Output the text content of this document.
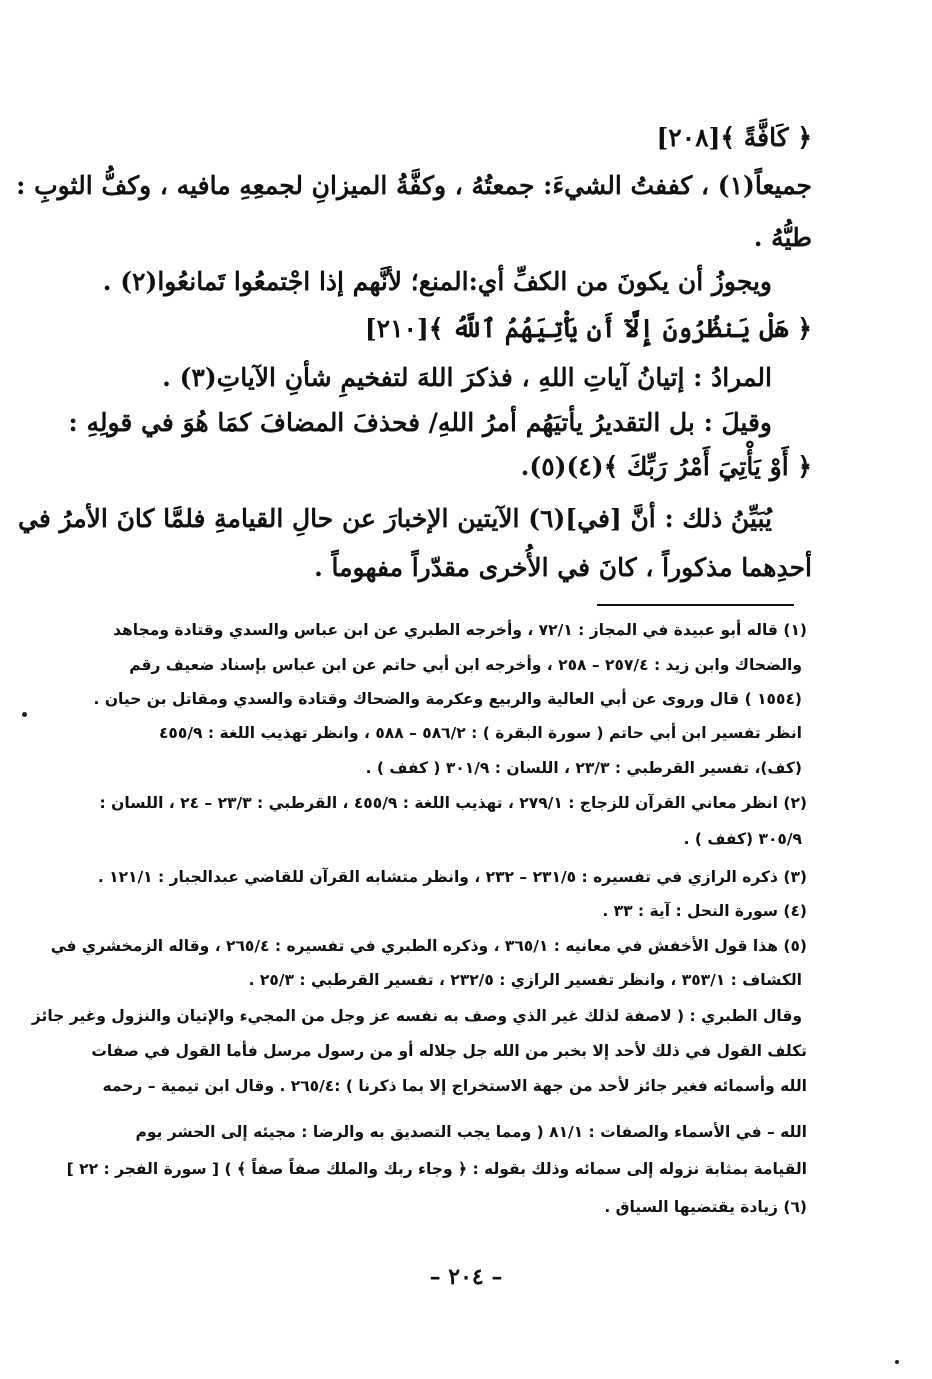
﴿ كَافَّةً ﴾[٢٠٨]
جميعاً(١) ، كففتُ الشيءَ: جمعتُهُ ، وكفَّةُ الميزانِ لجمعِهِ مافيه ، وكفُّ الثوبِ :
طيُّهُ .
ويجوزُ أن يكونَ من الكفِّ أي:المنع؛ لأنَّهم إذا اجْتمعُوا تَمانعُوا(٢) .
﴿ هَلْ يَنظُرُونَ إِلَّآ أَن يَأْتِيَهُمُ ٱللَّهُ ﴾[٢١٠]
المرادُ : إتيانُ آياتِ اللهِ ، فذكرَ اللهَ لتفخيمِ شأنِ الآياتِ(٣) .
وقيلَ : بل التقديرُ يأتيَهُم أمرُ اللهِ/ فحذفَ المضافَ كمَا هُوَ في قولِهِ :
﴿ أَوْ يَأْتِيَ أَمْرُ رَبِّكَ ﴾(٤)(٥).
يُبَيِّنُ ذلك : أنَّ [في](٦) الآيتين الإخبارَ عن حالِ القيامةِ فلمَّا كانَ الأمرُ في
أحدِهما مذكوراً ، كانَ في الأُخرى مقدّراً مفهوماً .
(١) قاله أبو عبيدة في المجاز : ٧٢/١ ، وأخرجه الطبري عن ابن عباس والسدي وقتادة ومجاهد
والضحاك وابن زيد : ٢٥٧/٤ – ٢٥٨ ، وأخرجه ابن أبي حاتم عن ابن عباس بإسناد ضعيف رقم
(١٥٥٤ ) قال وروى عن أبي العالية والربيع وعكرمة والضحاك وقتادة والسدي ومقاتل بن حيان .
انظر تفسير ابن أبي حاتم ( سورة البقرة ) : ٥٨٦/٢ – ٥٨٨ ، وانظر تهذيب اللغة : ٤٥٥/٩
(كف)، تفسير القرطبي : ٢٣/٣ ، اللسان : ٣٠١/٩ ( كفف ) .
(٢) انظر معاني القرآن للزجاج : ٢٧٩/١ ، تهذيب اللغة : ٤٥٥/٩ ، القرطبي : ٢٣/٣ – ٢٤ ، اللسان :
٣٠٥/٩ (كفف ) .
(٣) ذكره الرازي في تفسيره : ٢٣١/٥ – ٢٣٢ ، وانظر متشابه القرآن للقاضي عبدالجبار : ١٢١/١ .
(٤) سورة النحل : آية : ٣٣ .
(٥) هذا قول الأخفش في معانيه : ٣٦٥/١ ، وذكره الطبري في تفسيره : ٢٦٥/٤ ، وقاله الزمخشري في
الكشاف : ٣٥٣/١ ، وانظر تفسير الرازي : ٢٣٢/٥ ، تفسير القرطبي : ٢٥/٣ .
وقال الطبري : ( لاصفة لذلك غير الذي وصف به نفسه عز وجل من المجيء والإتيان والنزول وغير جائز
تكلف القول في ذلك لأحد إلا بخبر من الله جل جلاله أو من رسول مرسل فأما القول في صفات
الله وأسمائه فغير جائز لأحد من جهة الاستخراج إلا بما ذكرنا ) :٢٦٥/٤ . وقال ابن تيمية – رحمه
الله – في الأسماء والصفات : ٨١/١ ( ومما يجب التصديق به والرضا : مجيئه إلى الحشر يوم
القيامة بمثابة نزوله إلى سمائه وذلك بقوله : ﴿ وجاء ربك والملك صفاً صفاً ﴾ ) [ سورة الفجر : ٢٢ ]
(٦) زيادة يقتضيها السياق .
– ٢٠٤ –
